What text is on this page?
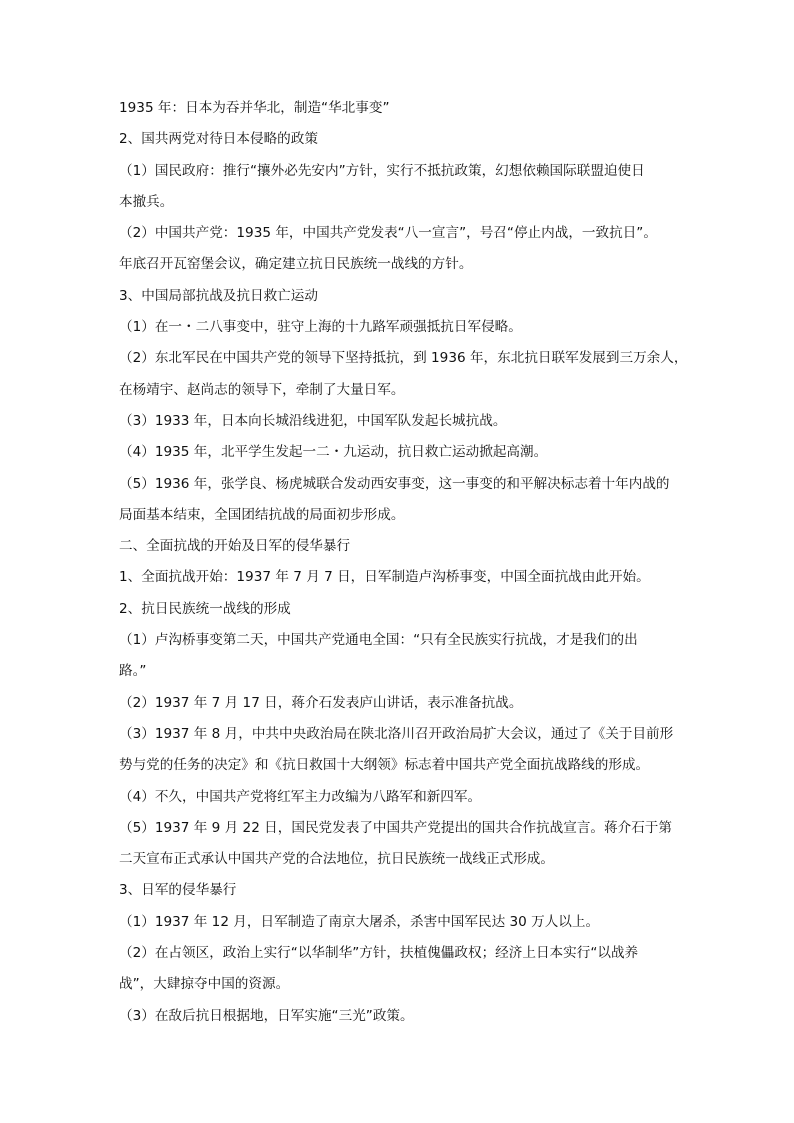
1935 年：日本为吞并华北，制造“华北事变”
2、国共两党对待日本侵略的政策
（1）国民政府：推行“攘外必先安内”方针，实行不抵抗政策，幻想依赖国际联盟迫使日
本撤兵。
（2）中国共产党：1935 年，中国共产党发表“八一宣言”，号召“停止内战，一致抗日”。
年底召开瓦窑堡会议，确定建立抗日民族统一战线的方针。
3、中国局部抗战及抗日救亡运动
（1）在一・二八事变中，驻守上海的十九路军顽强抵抗日军侵略。
（2）东北军民在中国共产党的领导下坚持抵抗，到 1936 年，东北抗日联军发展到三万余人，
在杨靖宇、赵尚志的领导下，牵制了大量日军。
（3）1933 年，日本向长城沿线进犯，中国军队发起长城抗战。
（4）1935 年，北平学生发起一二・九运动，抗日救亡运动掀起高潮。
（5）1936 年，张学良、杨虎城联合发动西安事变，这一事变的和平解决标志着十年内战的
局面基本结束，全国团结抗战的局面初步形成。
二、全面抗战的开始及日军的侵华暴行
1、全面抗战开始：1937 年 7 月 7 日，日军制造卢沟桥事变，中国全面抗战由此开始。
2、抗日民族统一战线的形成
（1）卢沟桥事变第二天，中国共产党通电全国：“只有全民族实行抗战，才是我们的出
路。”
（2）1937 年 7 月 17 日，蒋介石发表庐山讲话，表示准备抗战。
（3）1937 年 8 月，中共中央政治局在陕北洛川召开政治局扩大会议，通过了《关于目前形
势与党的任务的决定》和《抗日救国十大纲领》标志着中国共产党全面抗战路线的形成。
（4）不久，中国共产党将红军主力改编为八路军和新四军。
（5）1937 年 9 月 22 日，国民党发表了中国共产党提出的国共合作抗战宣言。蒋介石于第
二天宣布正式承认中国共产党的合法地位，抗日民族统一战线正式形成。
3、日军的侵华暴行
（1）1937 年 12 月，日军制造了南京大屠杀，杀害中国军民达 30 万人以上。
（2）在占领区，政治上实行“以华制华”方针，扶植傀儡政权；经济上日本实行“以战养
战”，大肆掠夺中国的资源。
（3）在敌后抗日根据地，日军实施“三光”政策。
